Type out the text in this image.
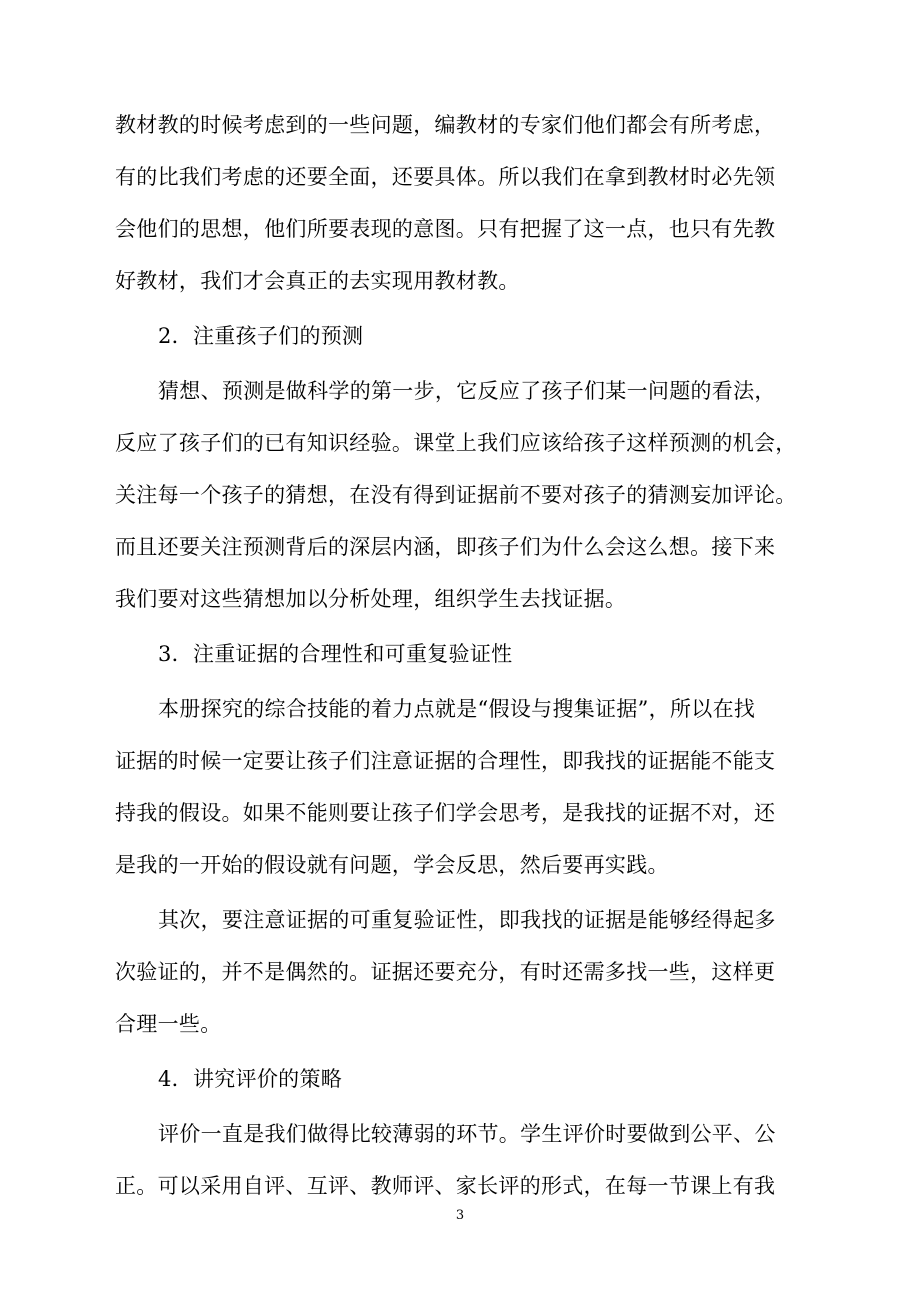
教材教的时候考虑到的一些问题，编教材的专家们他们都会有所考虑，
有的比我们考虑的还要全面，还要具体。所以我们在拿到教材时必先领
会他们的思想，他们所要表现的意图。只有把握了这一点，也只有先教
好教材，我们才会真正的去实现用教材教。
2．注重孩子们的预测
猜想、预测是做科学的第一步，它反应了孩子们某一问题的看法，
反应了孩子们的已有知识经验。课堂上我们应该给孩子这样预测的机会，
关注每一个孩子的猜想，在没有得到证据前不要对孩子的猜测妄加评论。
而且还要关注预测背后的深层内涵，即孩子们为什么会这么想。接下来
我们要对这些猜想加以分析处理，组织学生去找证据。
3．注重证据的合理性和可重复验证性
本册探究的综合技能的着力点就是“假设与搜集证据”，所以在找
证据的时候一定要让孩子们注意证据的合理性，即我找的证据能不能支
持我的假设。如果不能则要让孩子们学会思考，是我找的证据不对，还
是我的一开始的假设就有问题，学会反思，然后要再实践。
其次，要注意证据的可重复验证性，即我找的证据是能够经得起多
次验证的，并不是偶然的。证据还要充分，有时还需多找一些，这样更
合理一些。
4．讲究评价的策略
评价一直是我们做得比较薄弱的环节。学生评价时要做到公平、公
正。可以采用自评、互评、教师评、家长评的形式，在每一节课上有我
3
